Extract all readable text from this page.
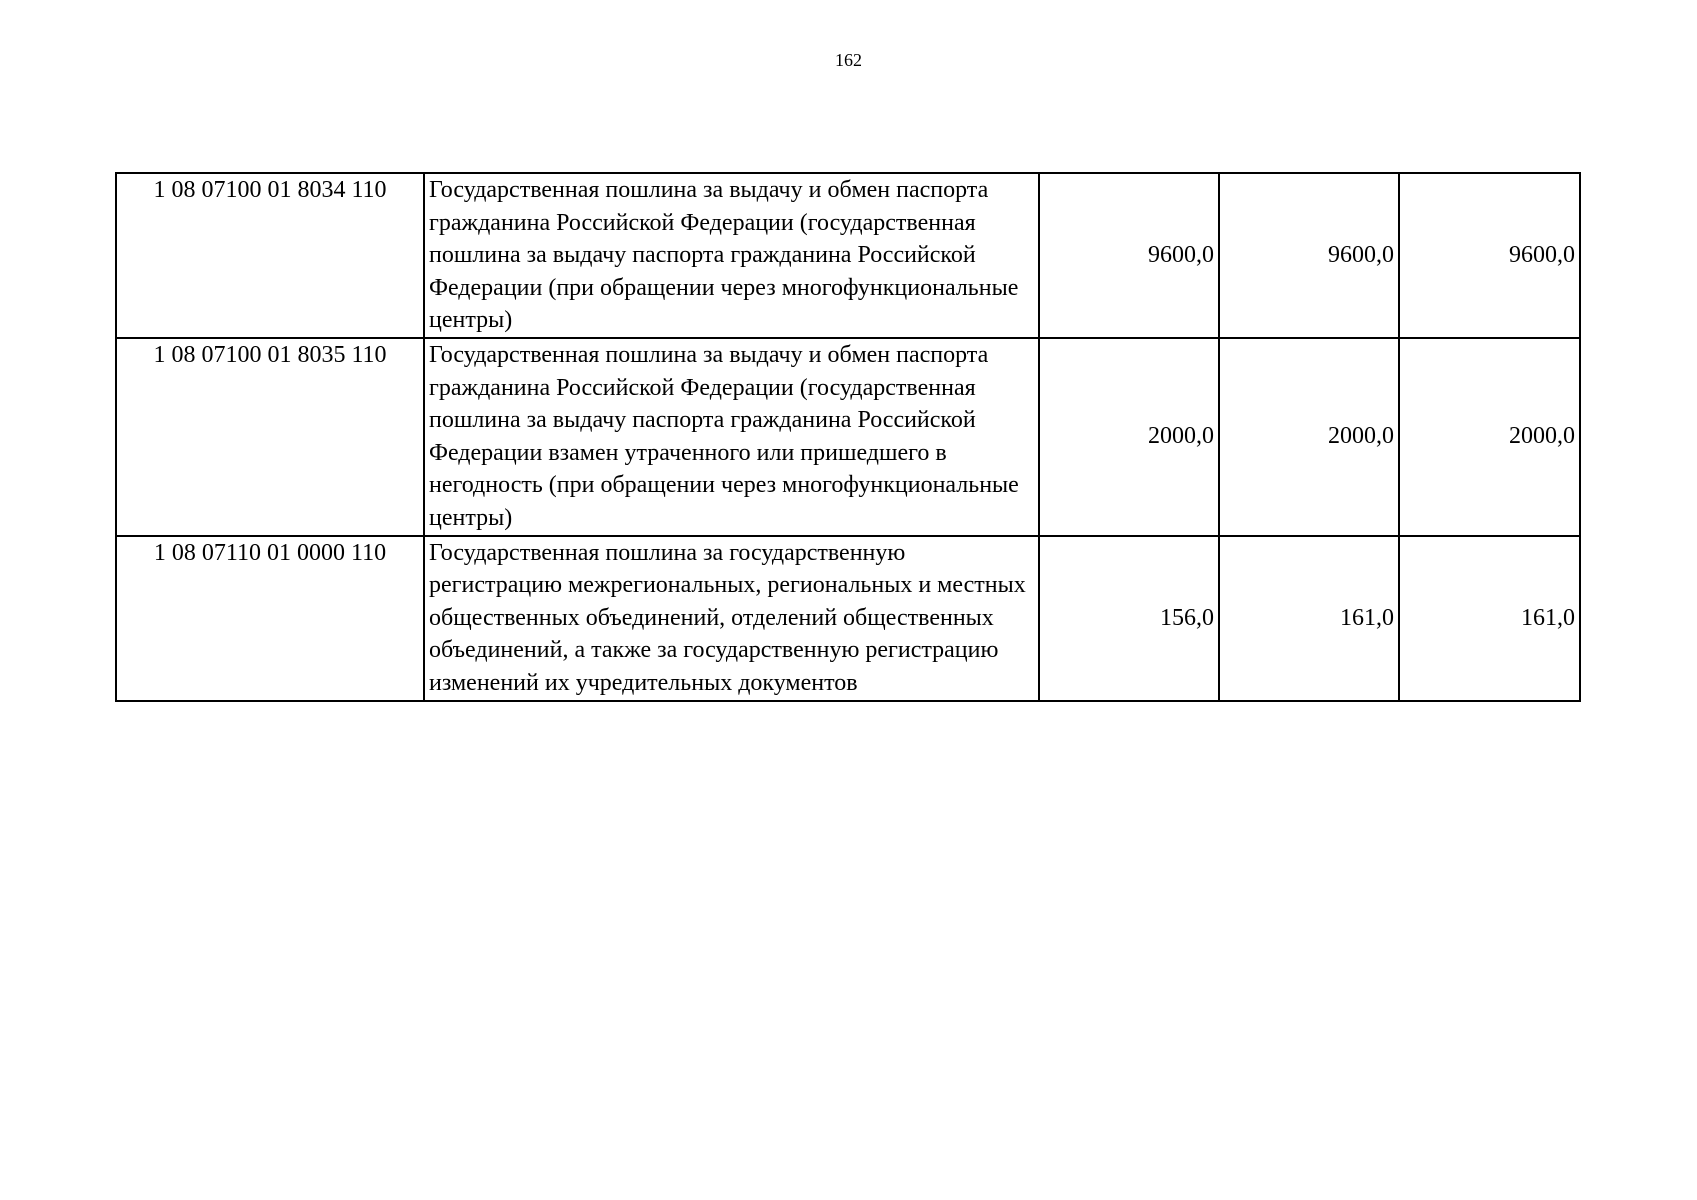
162
1 08 07100 01 8034 110	Государственная пошлина за выдачу и обмен паспорта гражданина Российской Федерации (государственная пошлина за выдачу паспорта гражданина Российской Федерации (при обращении через многофункциональные центры)	9600,0	9600,0	9600,0
1 08 07100 01 8035 110	Государственная пошлина за выдачу и обмен паспорта гражданина Российской Федерации (государственная пошлина за выдачу паспорта гражданина Российской Федерации взамен утраченного или пришедшего в негодность (при обращении через многофункциональные центры)	2000,0	2000,0	2000,0
1 08 07110 01 0000 110	Государственная пошлина за государственную регистрацию межрегиональных, региональных и местных общественных объединений, отделений общественных объединений, а также за государственную регистрацию изменений их учредительных документов	156,0	161,0	161,0
